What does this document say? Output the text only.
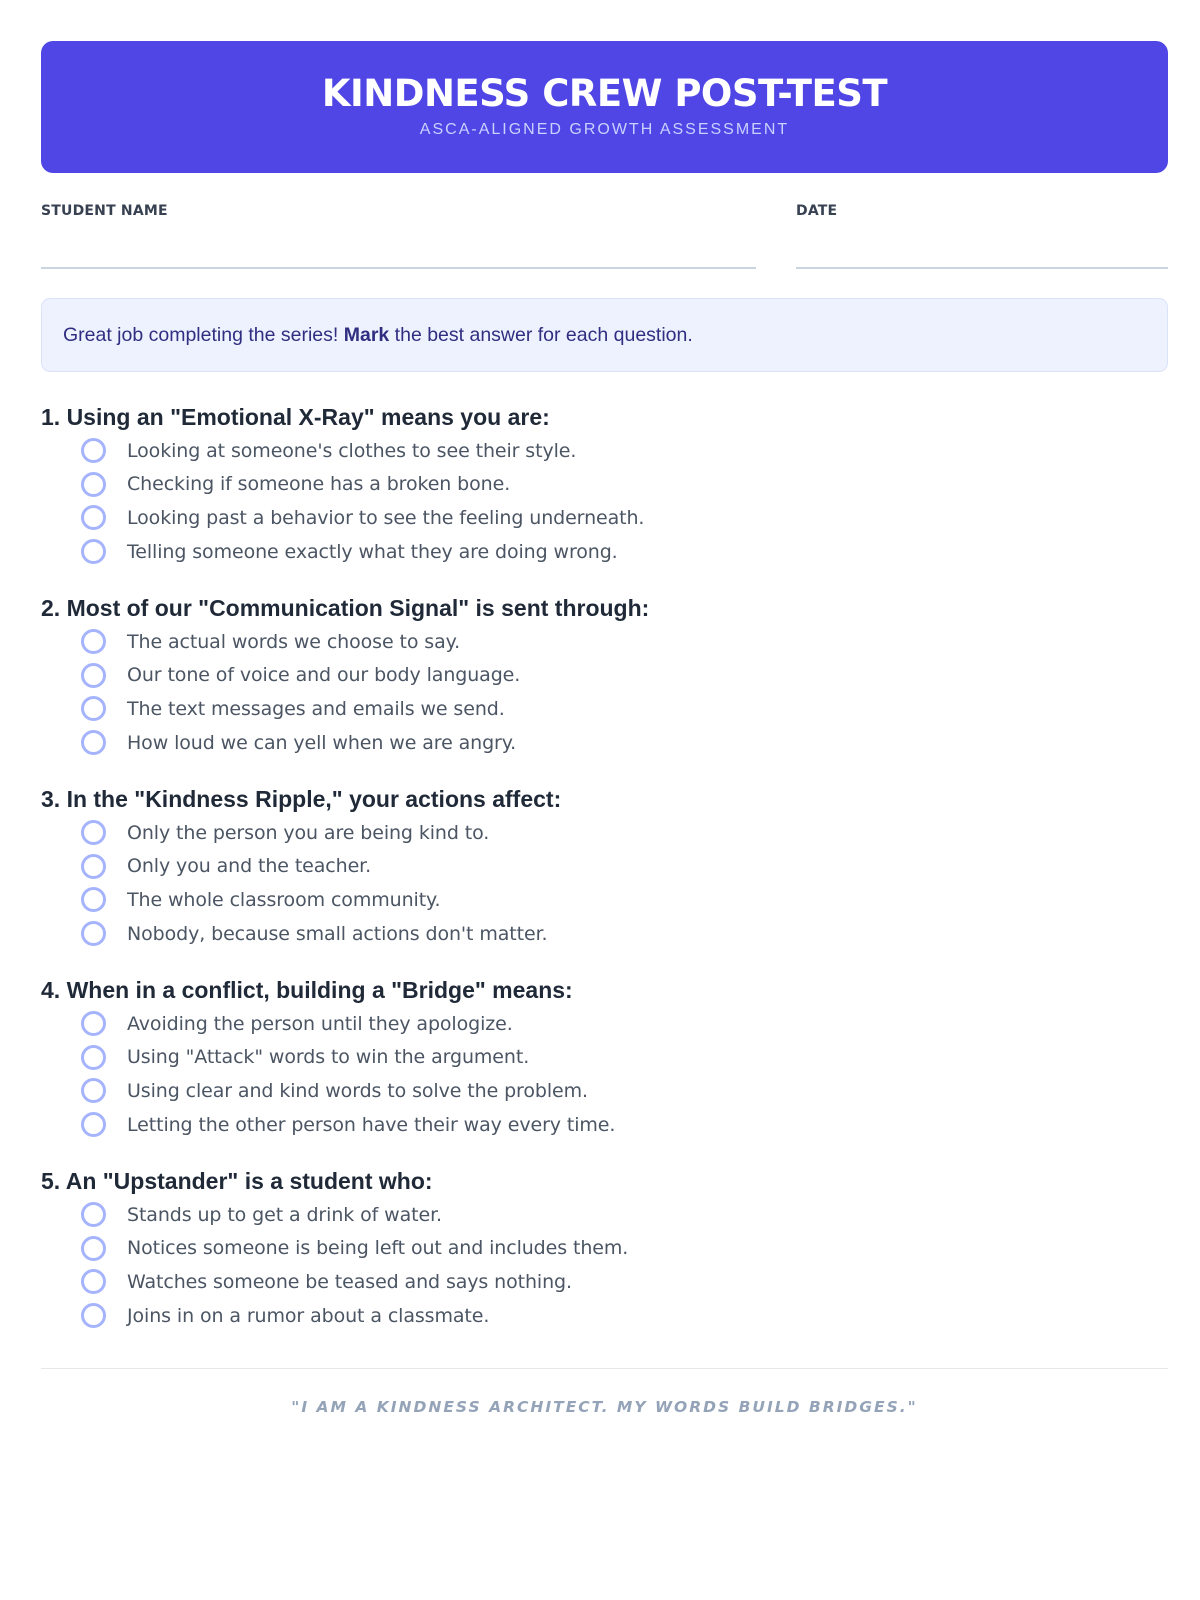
KINDNESS CREW POST-TEST
ASCA-ALIGNED GROWTH ASSESSMENT
STUDENT NAME	DATE
Great job completing the series! Mark the best answer for each question.
1. Using an "Emotional X-Ray" means you are:
Looking at someone's clothes to see their style.
Checking if someone has a broken bone.
Looking past a behavior to see the feeling underneath.
Telling someone exactly what they are doing wrong.
2. Most of our "Communication Signal" is sent through:
The actual words we choose to say.
Our tone of voice and our body language.
The text messages and emails we send.
How loud we can yell when we are angry.
3. In the "Kindness Ripple," your actions affect:
Only the person you are being kind to.
Only you and the teacher.
The whole classroom community.
Nobody, because small actions don't matter.
4. When in a conflict, building a "Bridge" means:
Avoiding the person until they apologize.
Using "Attack" words to win the argument.
Using clear and kind words to solve the problem.
Letting the other person have their way every time.
5. An "Upstander" is a student who:
Stands up to get a drink of water.
Notices someone is being left out and includes them.
Watches someone be teased and says nothing.
Joins in on a rumor about a classmate.
"I AM A KINDNESS ARCHITECT. MY WORDS BUILD BRIDGES."
